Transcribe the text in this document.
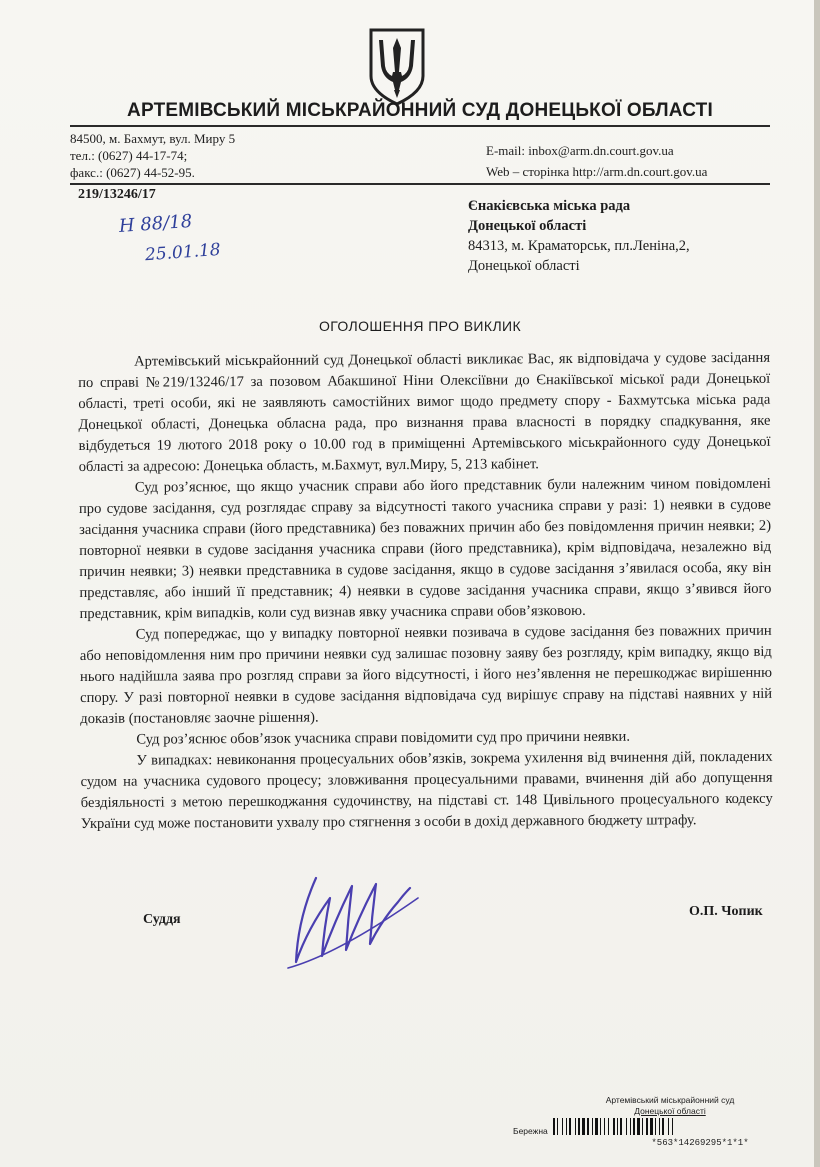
АРТЕМІВСЬКИЙ МІСЬКРАЙОННИЙ СУД ДОНЕЦЬКОЇ ОБЛАСТІ
84500, м. Бахмут, вул. Миру 5
тел.: (0627) 44-17-74;
факс.: (0627) 44-52-95.
E-mail: inbox@arm.dn.court.gov.ua
Web – сторінка http://arm.dn.court.gov.ua
219/13246/17
Н 88/18
25.01.18
Єнакієвська міська рада
Донецької області
84313, м. Краматорськ, пл.Леніна,2,
Донецької області
ОГОЛОШЕННЯ ПРО ВИКЛИК

Артемівський міськрайонний суд Донецької області викликає Вас, як відповідача у судове засідання по справі №219/13246/17 за позовом Абакшиної Ніни Олексіївни до Єнакіївської міської ради Донецької області, треті особи, які не заявляють самостійних вимог щодо предмету спору - Бахмутська міська рада Донецької області, Донецька обласна рада, про визнання права власності в порядку спадкування, яке відбудеться 19 лютого 2018 року о 10.00 год в приміщенні Артемівського міськрайонного суду Донецької області за адресою: Донецька область, м.Бахмут, вул.Миру, 5, 213 кабінет.

Суд роз’яснює, що якщо учасник справи або його представник були належним чином повідомлені про судове засідання, суд розглядає справу за відсутності такого учасника справи у разі: 1) неявки в судове засідання учасника справи (його представника) без поважних причин або без повідомлення причин неявки; 2) повторної неявки в судове засідання учасника справи (його представника), крім відповідача, незалежно від причин неявки; 3) неявки представника в судове засідання, якщо в судове засідання з’явилася особа, яку він представляє, або інший її представник; 4) неявки в судове засідання учасника справи, якщо з’явився його представник, крім випадків, коли суд визнав явку учасника справи обов’язковою.

Суд попереджає, що у випадку повторної неявки позивача в судове засідання без поважних причин або неповідомлення ним про причини неявки суд залишає позовну заяву без розгляду, крім випадку, якщо від нього надійшла заява про розгляд справи за його відсутності, і його нез’явлення не перешкоджає вирішенню спору. У разі повторної неявки в судове засідання відповідача суд вирішує справу на підставі наявних у ній доказів (постановляє заочне рішення).

Суд роз’яснює обов’язок учасника справи повідомити суд про причини неявки.

У випадках: невиконання процесуальних обов’язків, зокрема ухилення від вчинення дій, покладених судом на учасника судового процесу; зловживання процесуальними правами, вчинення дій або допущення бездіяльності з метою перешкоджання судочинству, на підставі ст. 148 Цивільного процесуального кодексу України суд може постановити ухвалу про стягнення з особи в дохід державного бюджету штрафу.

Суддя
О.П. Чопик
Артемівський міськрайонний суд
Донецької області
Бережна
*563*14269295*1*1*
